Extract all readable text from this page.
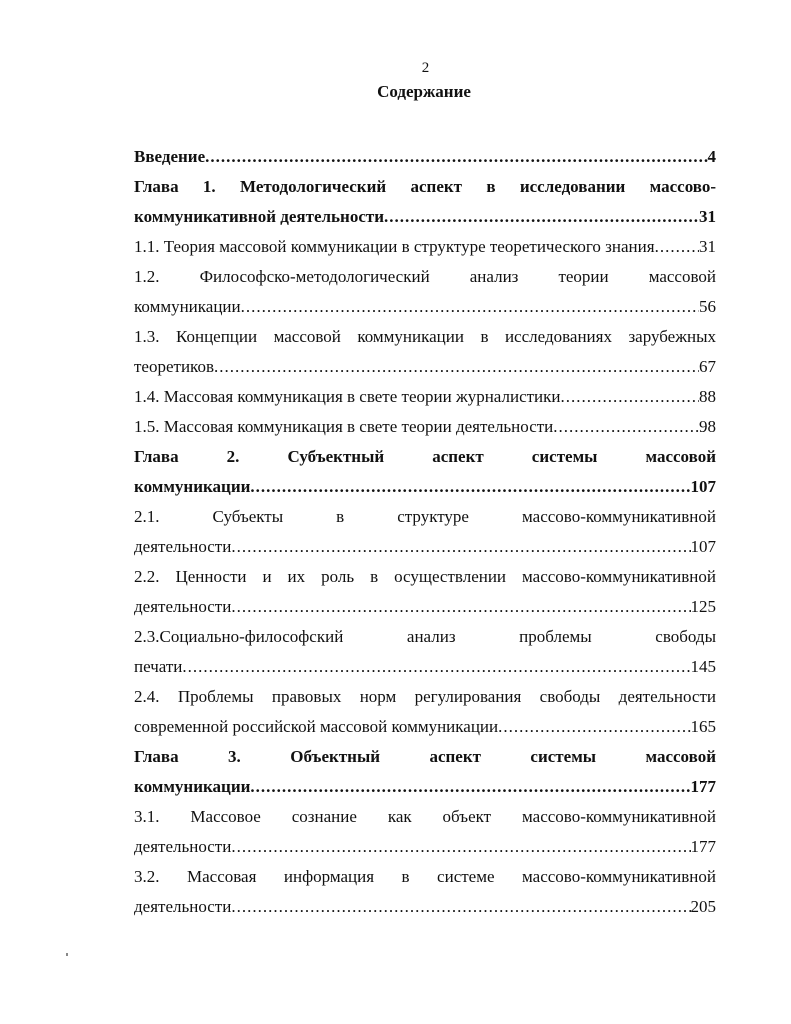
2
Содержание
Введение .....	4
Глава 1. Методологический аспект в исследовании массово-
коммуникативной деятельности .....	31
1.1. Теория массовой коммуникации в структуре теоретического знания .....	31
1.2. Философско-методологический анализ теории массовой
коммуникации .....	56
1.3. Концепции массовой коммуникации в исследованиях зарубежных
теоретиков .....	67
1.4. Массовая коммуникация в свете теории журналистики .....	88
1.5. Массовая коммуникация в свете теории деятельности .....	98
Глава 2. Субъектный аспект системы массовой
коммуникации .....	107
2.1. Субъекты в структуре массово-коммуникативной
деятельности .....	107
2.2. Ценности и их роль в осуществлении массово-коммуникативной
деятельности .....	125
2.3.Социально-философский анализ проблемы свободы
печати .....	145
2.4. Проблемы правовых норм регулирования свободы деятельности
современной российской массовой коммуникации .....	165
Глава 3. Объектный аспект системы массовой
коммуникации .....	177
3.1. Массовое сознание как объект массово-коммуникативной
деятельности .....	177
3.2. Массовая информация в системе массово-коммуникативной
деятельности .....	205
